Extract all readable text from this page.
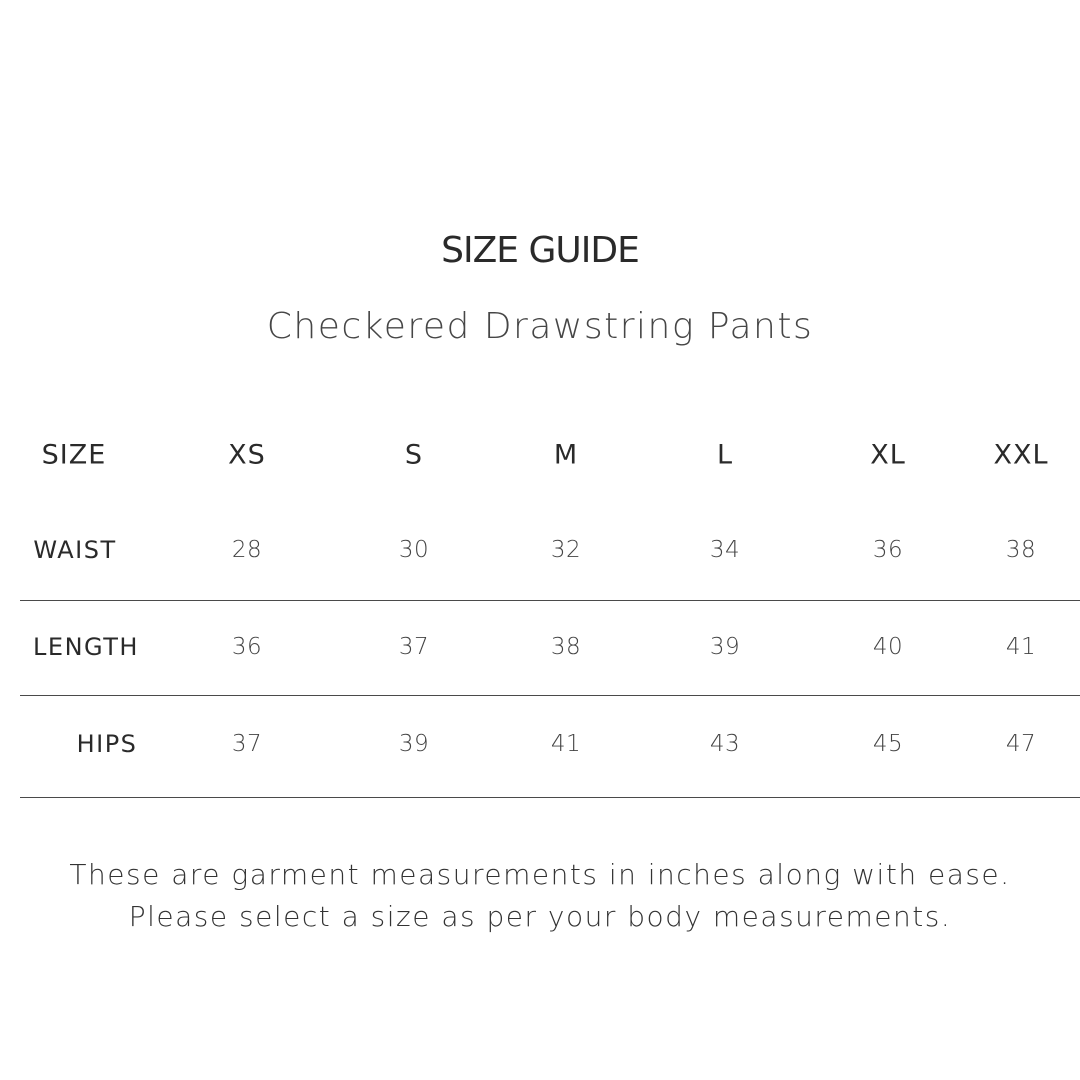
SIZE GUIDE
Checkered Drawstring Pants
SIZE	XS	S	M	L	XL	XXL
WAIST	28	30	32	34	36	38
LENGTH	36	37	38	39	40	41
HIPS	37	39	41	43	45	47
These are garment measurements in inches along with ease.
Please select a size as per your body measurements.
